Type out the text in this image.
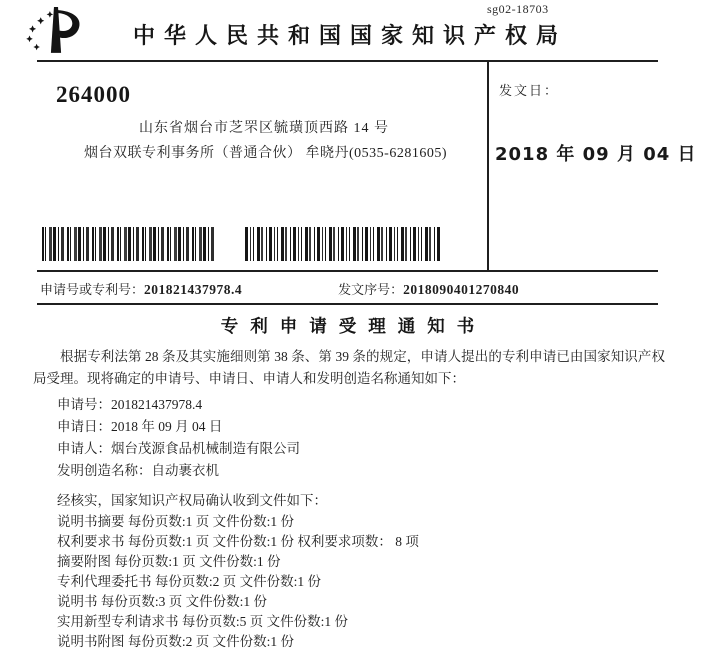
sg02-18703
中华人民共和国国家知识产权局
264000
山东省烟台市芝罘区毓璜顶西路 14 号
烟台双联专利事务所（普通合伙） 牟晓丹(0535-6281605)
发文日：
2018 年 09 月 04 日
申请号或专利号：201821437978.4	发文序号：2018090401270840
专利申请受理通知书

根据专利法第 28 条及其实施细则第 38 条、第 39 条的规定，申请人提出的专利申请已由国家知识产权局受理。现将确定的申请号、申请日、申请人和发明创造名称通知如下：

申请号：201821437978.4
申请日：2018 年 09 月 04 日
申请人：烟台茂源食品机械制造有限公司
发明创造名称：自动裹衣机
经核实，国家知识产权局确认收到文件如下：
说明书摘要 每份页数:1 页 文件份数:1 份
权利要求书 每份页数:1 页 文件份数:1 份 权利要求项数： 8 项
摘要附图 每份页数:1 页 文件份数:1 份
专利代理委托书 每份页数:2 页 文件份数:1 份
说明书 每份页数:3 页 文件份数:1 份
实用新型专利请求书 每份页数:5 页 文件份数:1 份
说明书附图 每份页数:2 页 文件份数:1 份
